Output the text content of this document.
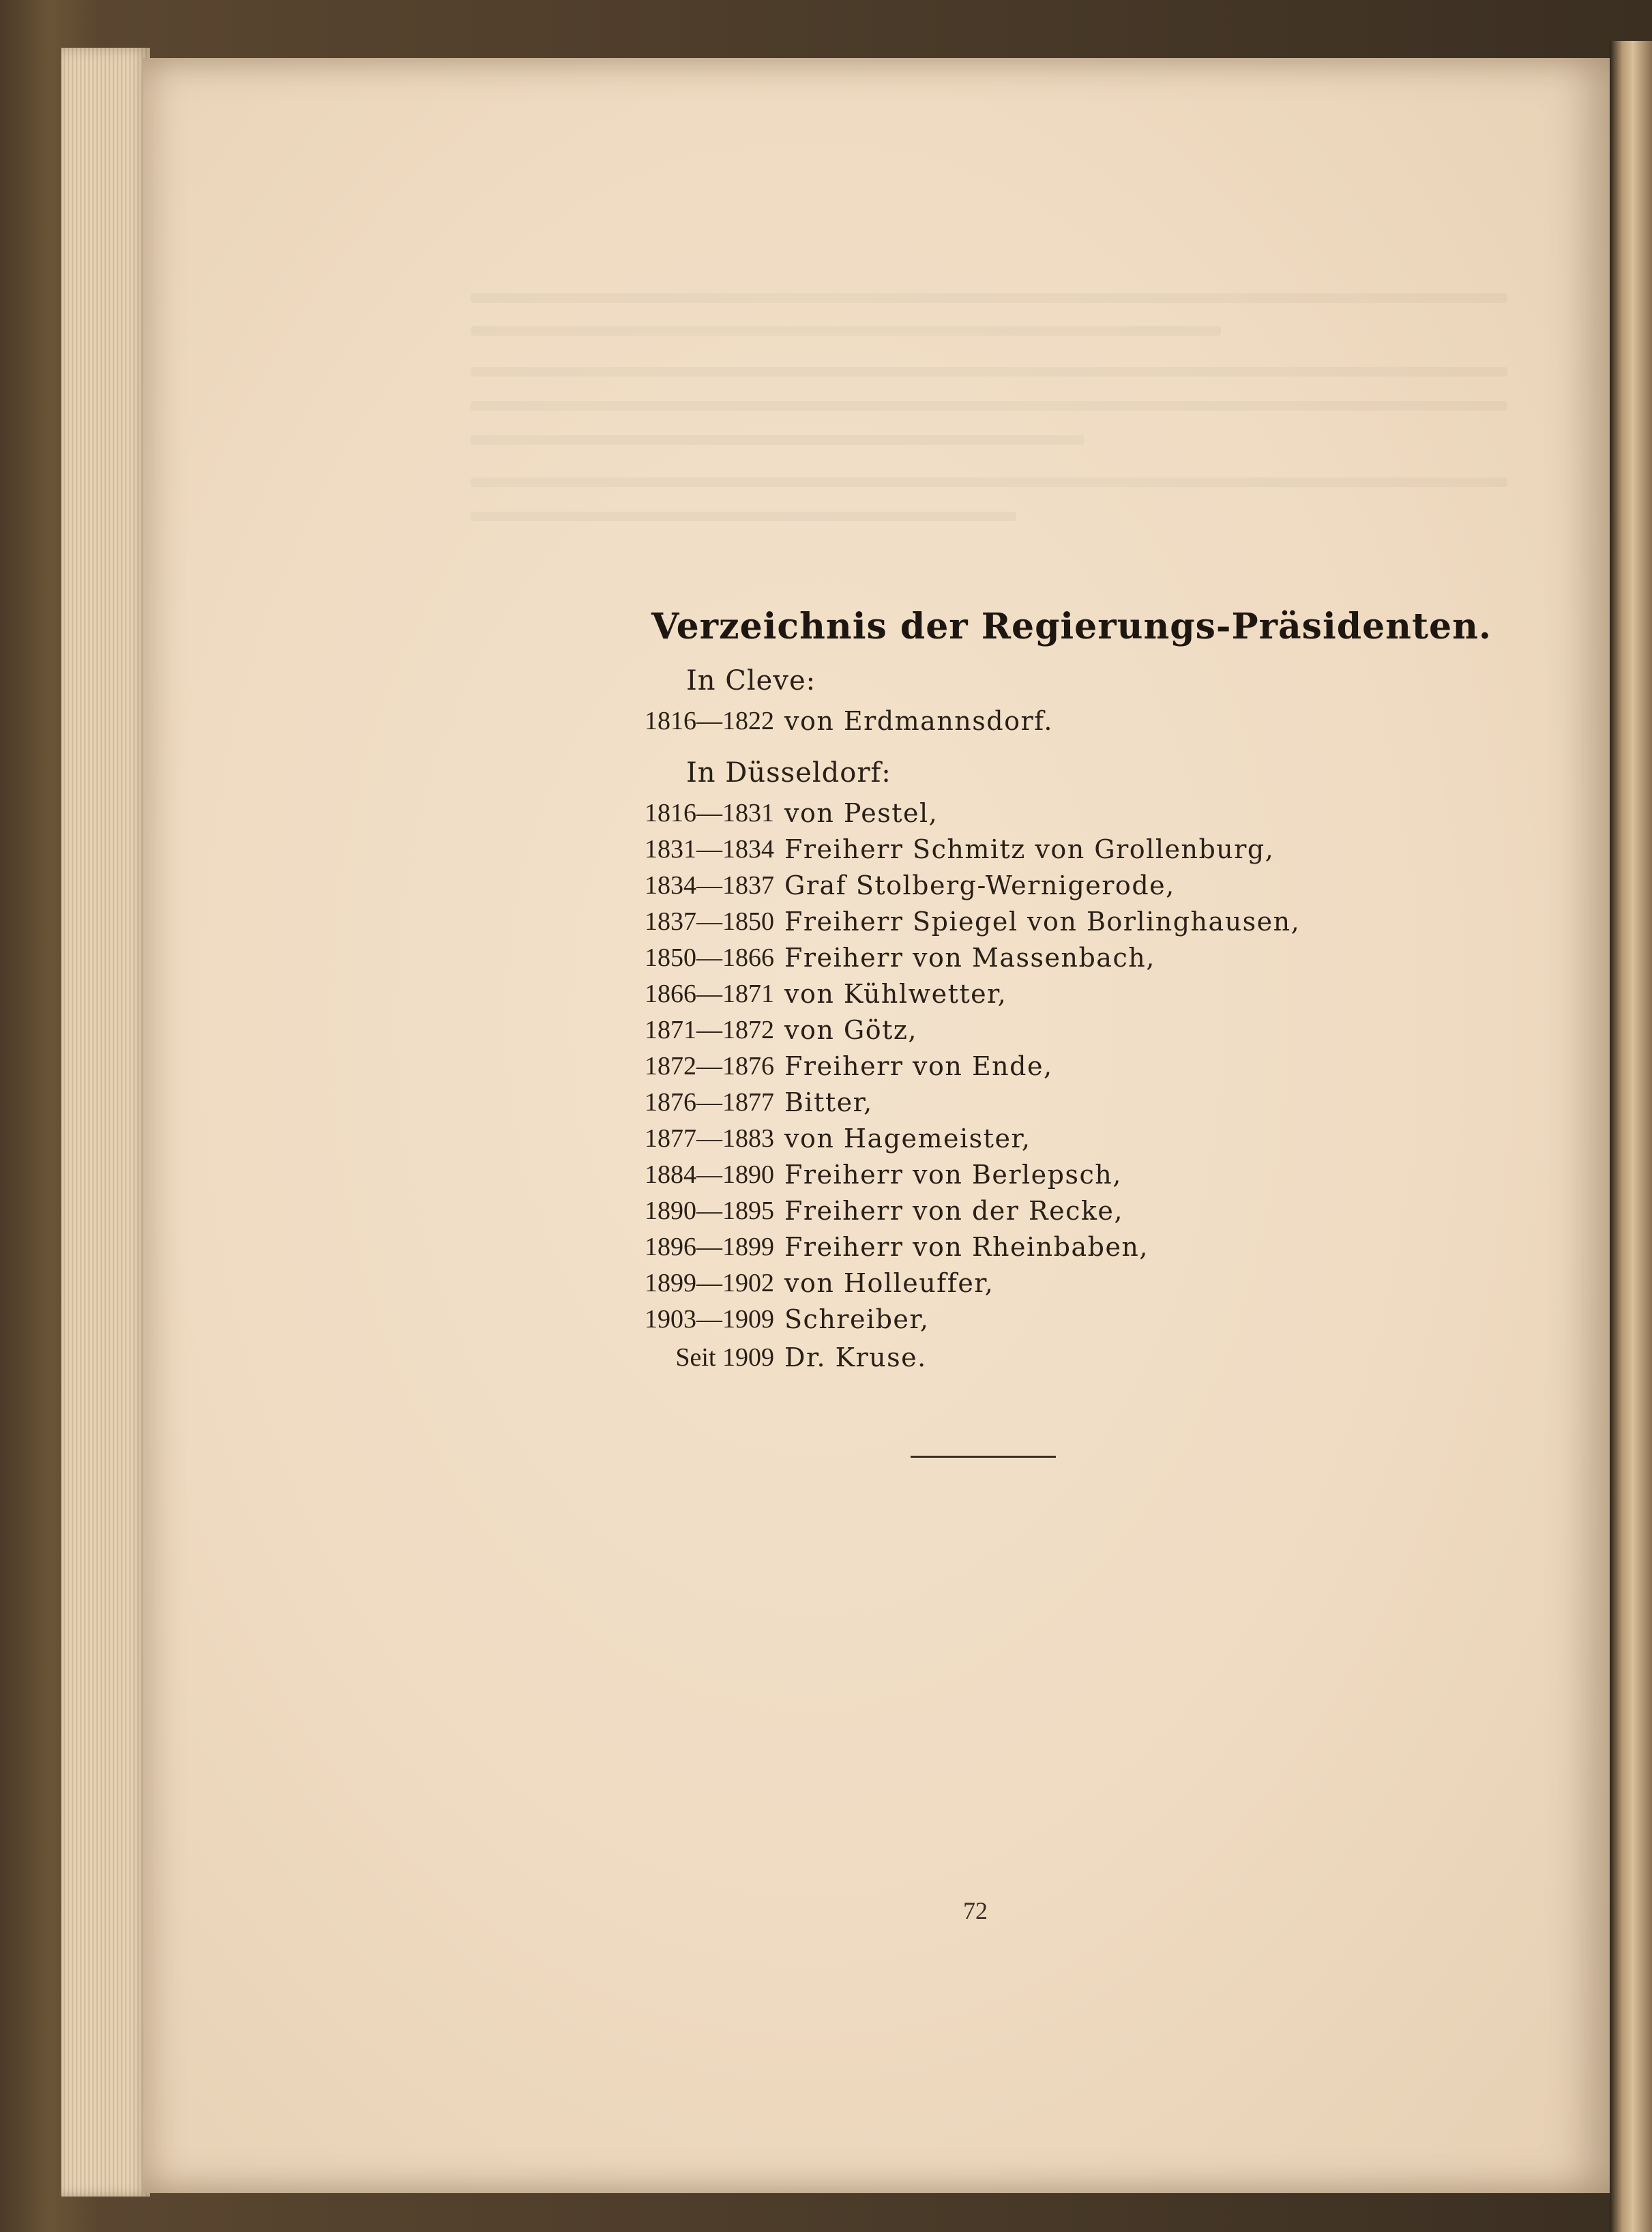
Verzeichnis der Regierungs-Präsidenten.
In Cleve:
1816—1822 von Erdmannsdorf.
In Düsseldorf:
1816—1831 von Pestel,
1831—1834 Freiherr Schmitz von Grollenburg,
1834—1837 Graf Stolberg-Wernigerode,
1837—1850 Freiherr Spiegel von Borlinghausen,
1850—1866 Freiherr von Massenbach,
1866—1871 von Kühlwetter,
1871—1872 von Götz,
1872—1876 Freiherr von Ende,
1876—1877 Bitter,
1877—1883 von Hagemeister,
1884—1890 Freiherr von Berlepsch,
1890—1895 Freiherr von der Recke,
1896—1899 Freiherr von Rheinbaben,
1899—1902 von Holleuffer,
1903—1909 Schreiber,
Seit 1909 Dr. Kruse.
72
